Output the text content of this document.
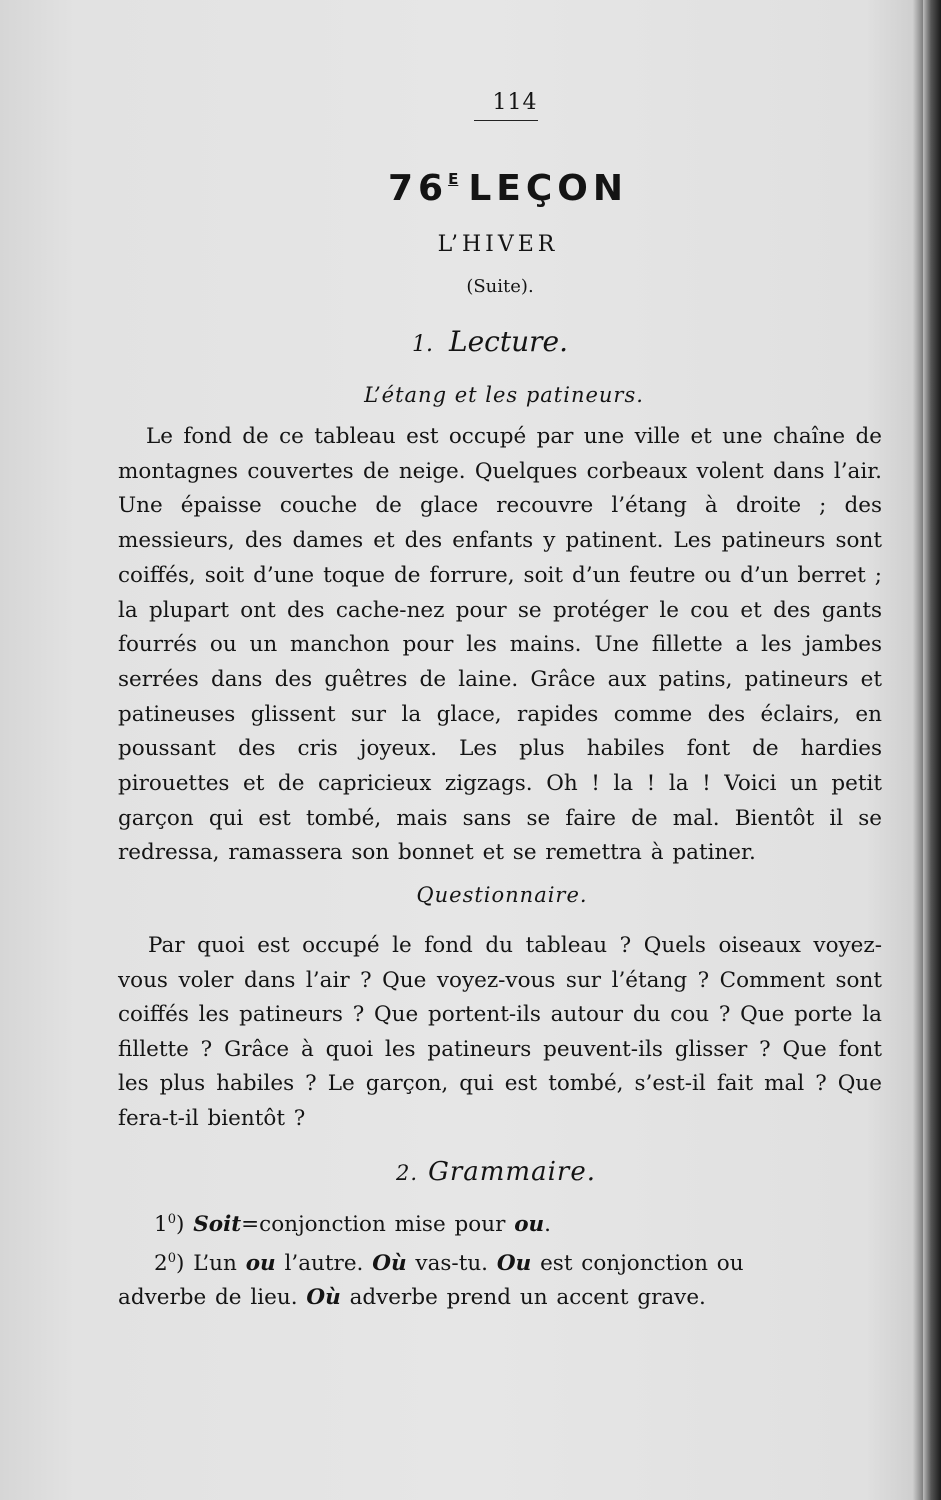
114
$76^E$ LEÇON
L’HIVER
(Suite).
1. Lecture.
L’étang et les patineurs.

Le fond de ce tableau est occupé par une ville et une chaîne de montagnes couvertes de neige. Quelques corbeaux volent dans l’air. Une épaisse couche de glace recouvre l’étang à droite ; des messieurs, des dames et des enfants y patinent. Les patineurs sont coiffés, soit d’une toque de forrure, soit d’un feutre ou d’un berret ; la plupart ont des cache-nez pour se protéger le cou et des gants fourrés ou un manchon pour les mains. Une fillette a les jambes serrées dans des guêtres de laine. Grâce aux patins, patineurs et patineuses glissent sur la glace, rapides comme des éclairs, en poussant des cris joyeux. Les plus habiles font de hardies pirouettes et de capricieux zigzags. Oh ! la ! la ! Voici un petit garçon qui est tombé, mais sans se faire de mal. Bientôt il se redressa, ramassera son bonnet et se remettra à patiner.

Questionnaire.

Par quoi est occupé le fond du tableau ? Quels oiseaux voyez-vous voler dans l’air ? Que voyez-vous sur l’étang ? Comment sont coiffés les patineurs ? Que portent-ils autour du cou ? Que porte la fillette ? Grâce à quoi les patineurs peuvent-ils glisser ? Que font les plus habiles ? Le garçon, qui est tombé, s’est-il fait mal ? Que fera-t-il bientôt ?

2. Grammaire.

$1^0$) Soit=conjonction mise pour ou.

$2^0$) L’un ou l’autre. Où vas-tu. Ou est conjonction ou

adverbe de lieu. Où adverbe prend un accent grave.
